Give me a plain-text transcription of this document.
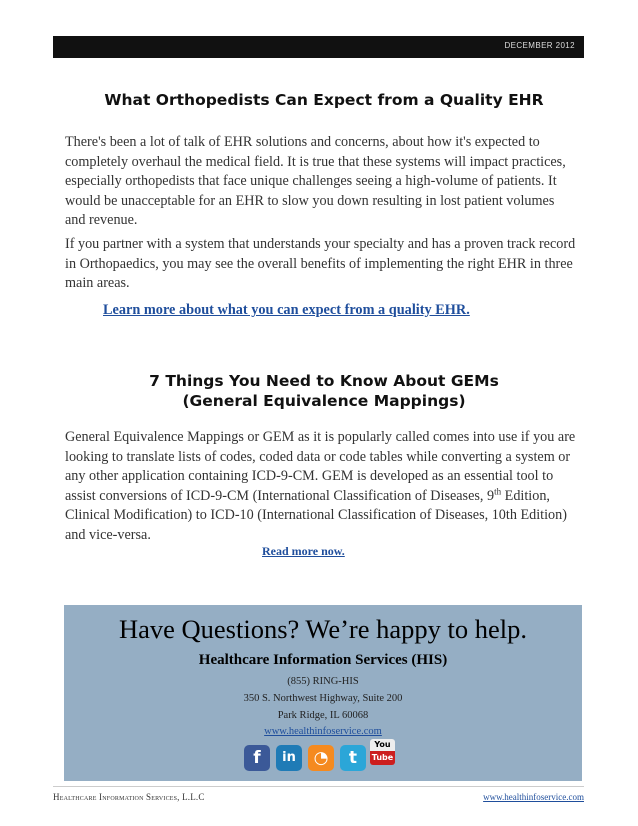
DECEMBER 2012
What Orthopedists Can Expect from a Quality EHR

There's been a lot of talk of EHR solutions and concerns, about how it's expected to completely overhaul the medical field. It is true that these systems will impact practices, especially orthopedists that face unique challenges seeing a high-volume of patients. It would be unacceptable for an EHR to slow you down resulting in lost patient volumes and revenue.

If you partner with a system that understands your specialty and has a proven track record in Orthopaedics, you may see the overall benefits of implementing the right EHR in three main areas.

Learn more about what you can expect from a quality EHR.
7 Things You Need to Know About GEMs
(General Equivalence Mappings)

General Equivalence Mappings or GEM as it is popularly called comes into use if you are looking to translate lists of codes, coded data or code tables while converting a system or any other application containing ICD-9-CM. GEM is developed as an essential tool to assist conversions of ICD-9-CM (International Classification of Diseases, 9th Edition, Clinical Modification) to ICD-10 (International Classification of Diseases, 10th Edition) and vice-versa.

Read more now.
Have Questions? We’re happy to help.
Healthcare Information Services (HIS)
(855) RING-HIS
350 S. Northwest Highway, Suite 200
Park Ridge, IL 60068
www.healthinfoservice.com
f	in	◔	t
You
Tube
Healthcare Information Services, L.L.C	www.healthinfoservice.com
